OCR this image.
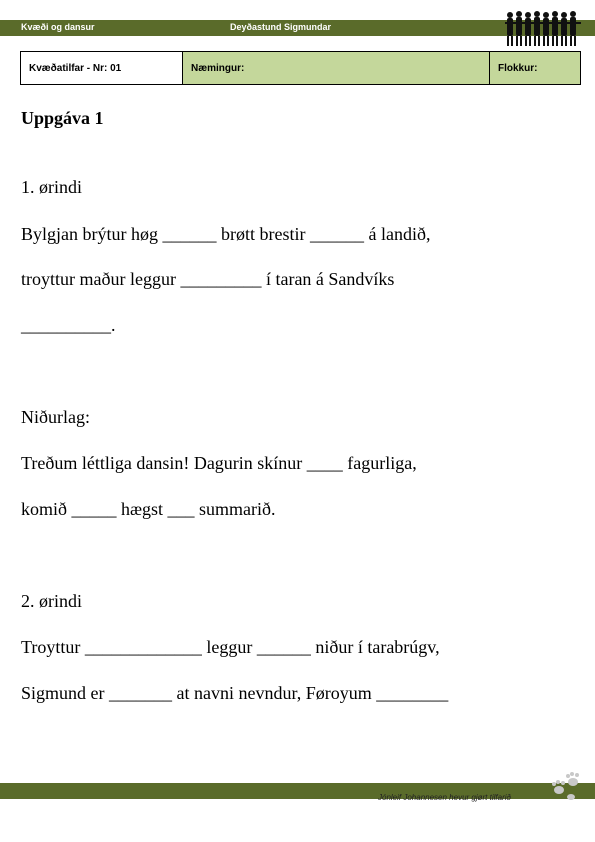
Kvæði og dansur	Deyðastund Sigmundar
Kvæðatilfar - Nr: 01	Næmingur:	Flokkur:
Uppgáva 1
1. ørindi
Bylgjan brýtur høg ______ brøtt brestir ______ á landið,
troyttur maður leggur _________ í taran á Sandvíks
__________.
Niðurlag:
Treðum léttliga dansin! Dagurin skínur ____ fagurliga,
komið _____ hægst ___ summarið.
2. ørindi
Troyttur _____________ leggur ______ niður í tarabrúgv,
Sigmund er _______ at navni nevndur, Føroyum ________
Jónleif Johannesen hevur gjørt tilfarið
